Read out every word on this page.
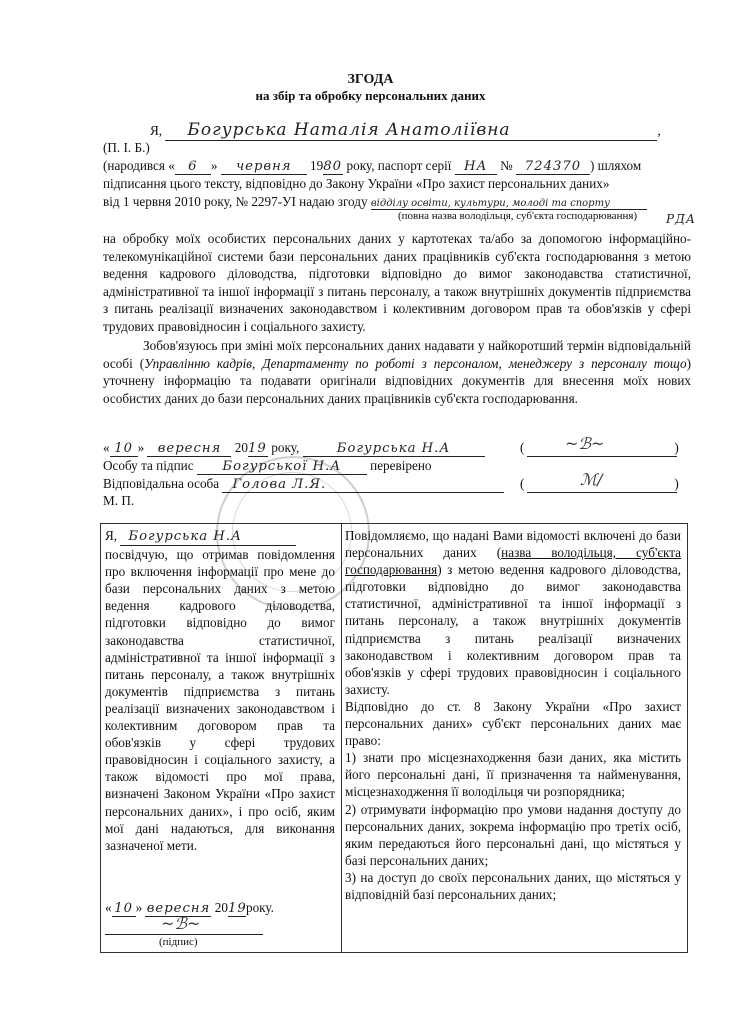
ЗГОДА
на збір та обробку персональних даних
Я, Богурська Наталія Анатоліївна	,
(П. І. Б.)
(народився « 6 » червня 1980 року, паспорт серії НА № 724370 ) шляхом
підписання цього тексту, відповідно до Закону України «Про захист персональних даних»
від 1 червня 2010 року, № 2297-УІ надаю згоду відділу освіти, культури, молоді та спорту
(повна назва володільця, суб'єкта господарювання) РДА

на обробку моїх особистих персональних даних у картотеках та/або за допомогою інформаційно-телекомунікаційної системи бази персональних даних працівників суб'єкта господарювання з метою ведення кадрового діловодства, підготовки відповідно до вимог законодавства статистичної, адміністративної та іншої інформації з питань персоналу, а також внутрішніх документів підприємства з питань реалізації визначених законодавством і колективним договором прав та обов'язків у сфері трудових правовідносин і соціального захисту.

Зобов'язуюсь при зміні моїх персональних даних надавати у найкоротший термін відповідальній особі (Управлінню кадрів, Департаменту по роботі з персоналом, менеджеру з персоналу тощо) уточнену інформацію та подавати оригінали відповідних документів для внесення моїх нових особистих даних до бази персональних даних працівників суб'єкта господарювання.

« 10 » вересня 2019 року,	Богурська Н.А	(	)
~ℬ~
Особу та підпис Богурської Н.А перевірено
Відповідальна особа Голова Л.Я.	(	)
ℳ/
М. П.

Я, Богурська Н.А

посвідчую, що отримав повідомлення про включення інформації про мене до бази персональних даних з метою ведення кадрового діловодства, підготовки відповідно до вимог законодавства статистичної, адміністративної та іншої інформації з питань персоналу, а також внутрішніх документів підприємства з питань реалізації визначених законодавством і колективним договором прав та обов'язків у сфері трудових правовідносин і соціального захисту, а також відомості про мої права, визначені Законом України «Про захист персональних даних», і про осіб, яким мої дані надаються, для виконання зазначеної мети.

« 10 » вересня 2019року.
~ℬ~
(підпис)

Повідомляємо, що надані Вами відомості включені до бази персональних даних (назва володільця, суб'єкта господарювання) з метою ведення кадрового діловодства, підготовки відповідно до вимог законодавства статистичної, адміністративної та іншої інформації з питань персоналу, а також внутрішніх документів підприємства з питань реалізації визначених законодавством і колективним договором прав та обов'язків у сфері трудових правовідносин і соціального захисту.

Відповідно до ст. 8 Закону України «Про захист персональних даних» суб'єкт персональних даних має право:

1) знати про місцезнаходження бази даних, яка містить його персональні дані, її призначення та найменування, місцезнаходження її володільця чи розпорядника;

2) отримувати інформацію про умови надання доступу до персональних даних, зокрема інформацію про третіх осіб, яким передаються його персональні дані, що містяться у базі персональних даних;

3) на доступ до своїх персональних даних, що містяться у відповідній базі персональних даних;
